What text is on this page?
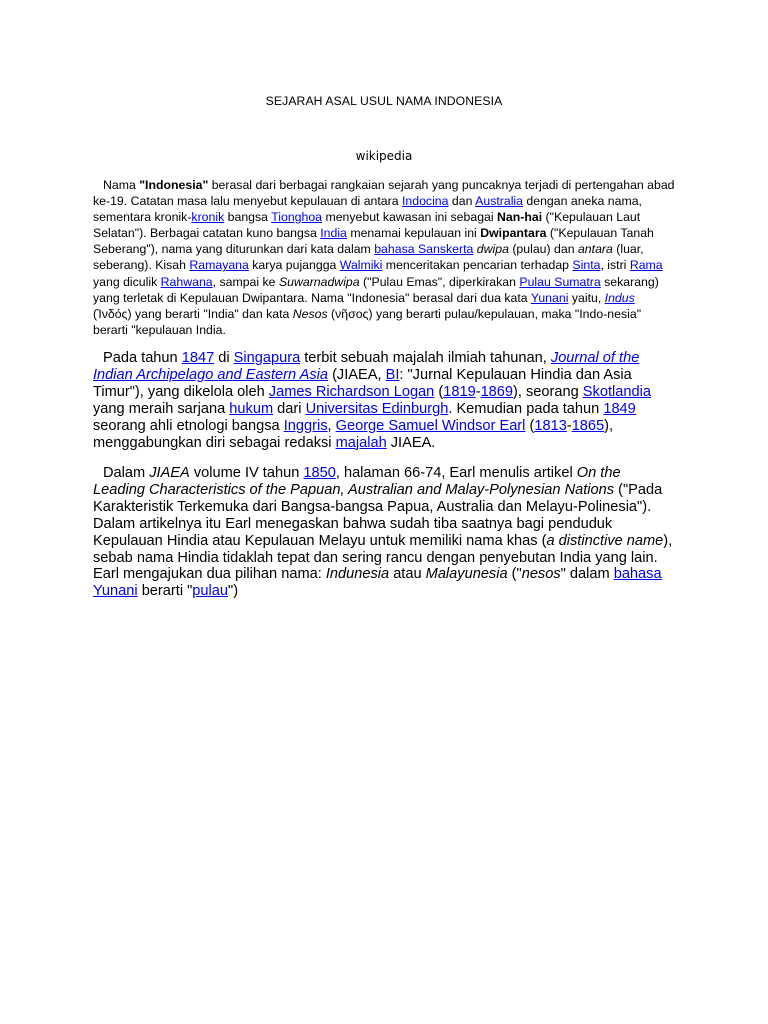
SEJARAH ASAL USUL NAMA INDONESIA
wikipedia

Nama "Indonesia" berasal dari berbagai rangkaian sejarah yang puncaknya terjadi di pertengahan abad ke-19. Catatan masa lalu menyebut kepulauan di antara Indocina dan Australia dengan aneka nama, sementara kronik-kronik bangsa Tionghoa menyebut kawasan ini sebagai Nan-hai ("Kepulauan Laut Selatan"). Berbagai catatan kuno bangsa India menamai kepulauan ini Dwipantara ("Kepulauan Tanah Seberang"), nama yang diturunkan dari kata dalam bahasa Sanskerta dwipa (pulau) dan antara (luar, seberang). Kisah Ramayana karya pujangga Walmiki menceritakan pencarian terhadap Sinta, istri Rama yang diculik Rahwana, sampai ke Suwarnadwipa ("Pulau Emas", diperkirakan Pulau Sumatra sekarang) yang terletak di Kepulauan Dwipantara. Nama "Indonesia" berasal dari dua kata Yunani yaitu, Indus (Ἰνδός) yang berarti "India" dan kata Nesos (νῆσος) yang berarti pulau/kepulauan, maka "Indo-nesia" berarti "kepulauan India.

Pada tahun 1847 di Singapura terbit sebuah majalah ilmiah tahunan, Journal of the Indian Archipelago and Eastern Asia (JIAEA, BI: "Jurnal Kepulauan Hindia dan Asia Timur"), yang dikelola oleh James Richardson Logan (1819-1869), seorang Skotlandia yang meraih sarjana hukum dari Universitas Edinburgh. Kemudian pada tahun 1849 seorang ahli etnologi bangsa Inggris, George Samuel Windsor Earl (1813-1865), menggabungkan diri sebagai redaksi majalah JIAEA.

Dalam JIAEA volume IV tahun 1850, halaman 66-74, Earl menulis artikel On the Leading Characteristics of the Papuan, Australian and Malay-Polynesian Nations ("Pada Karakteristik Terkemuka dari Bangsa-bangsa Papua, Australia dan Melayu-Polinesia"). Dalam artikelnya itu Earl menegaskan bahwa sudah tiba saatnya bagi penduduk Kepulauan Hindia atau Kepulauan Melayu untuk memiliki nama khas (a distinctive name), sebab nama Hindia tidaklah tepat dan sering rancu dengan penyebutan India yang lain. Earl mengajukan dua pilihan nama: Indunesia atau Malayunesia ("nesos" dalam bahasa Yunani berarti "pulau")
